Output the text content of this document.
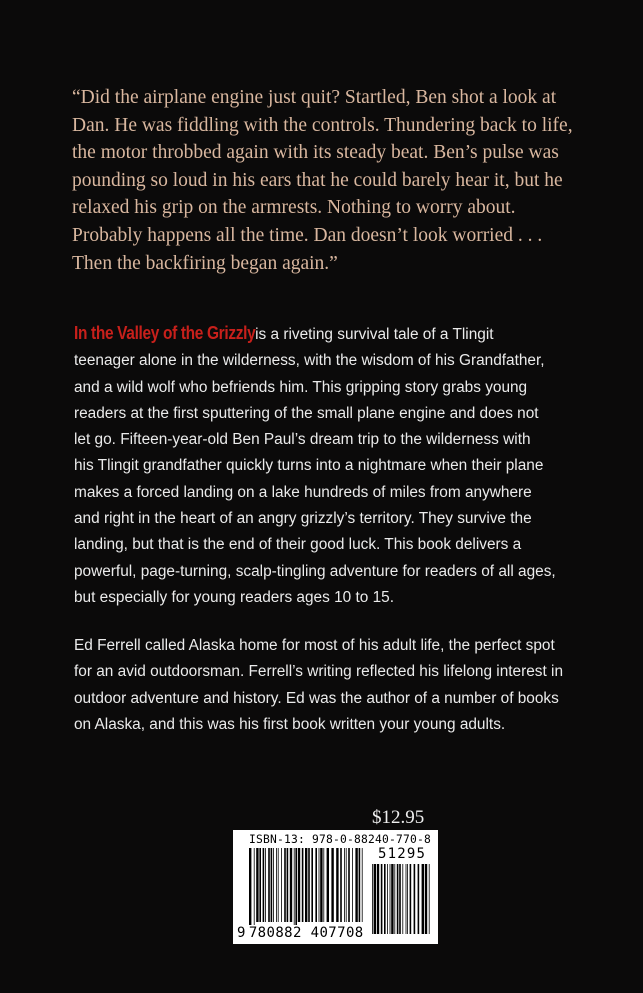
“Did the airplane engine just quit? Startled, Ben shot a look at
Dan. He was fiddling with the controls. Thundering back to life,
the motor throbbed again with its steady beat. Ben’s pulse was
pounding so loud in his ears that he could barely hear it, but he
relaxed his grip on the armrests. Nothing to worry about.
Probably happens all the time. Dan doesn’t look worried . . .
Then the backfiring began again.”
In the Valley of the Grizzly is a riveting survival tale of a Tlingit
teenager alone in the wilderness, with the wisdom of his Grandfather,
and a wild wolf who befriends him. This gripping story grabs young
readers at the first sputtering of the small plane engine and does not
let go. Fifteen-year-old Ben Paul’s dream trip to the wilderness with
his Tlingit grandfather quickly turns into a nightmare when their plane
makes a forced landing on a lake hundreds of miles from anywhere
and right in the heart of an angry grizzly’s territory. They survive the
landing, but that is the end of their good luck. This book delivers a
powerful, page-turning, scalp-tingling adventure for readers of all ages,
but especially for young readers ages 10 to 15.
Ed Ferrell called Alaska home for most of his adult life, the perfect spot
for an avid outdoorsman. Ferrell’s writing reflected his lifelong interest in
outdoor adventure and history. Ed was the author of a number of books
on Alaska, and this was his first book written your young adults.
$12.95
ISBN-13: 978-0-88240-770-8
51295
9 780882 407708
